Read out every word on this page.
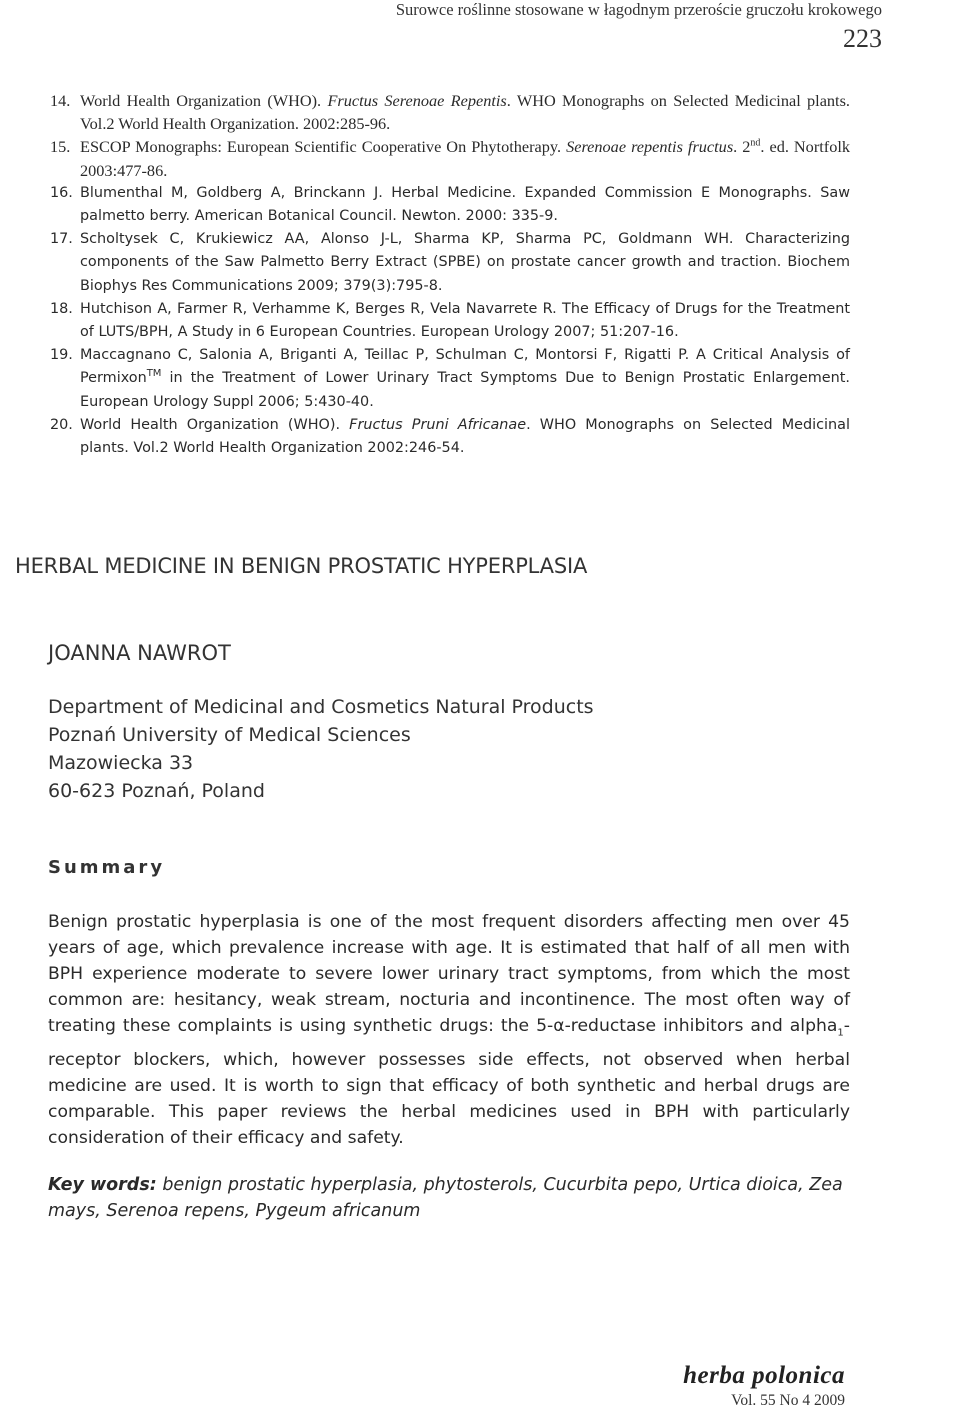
Surowce roślinne stosowane w łagodnym przeroście gruczołu krokowego
223
14. World Health Organization (WHO). Fructus Serenoae Repentis. WHO Monographs on Selected Medicinal plants. Vol.2 World Health Organization. 2002:285-96.
15. ESCOP Monographs: European Scientific Cooperative On Phytotherapy. Serenoae repentis fructus. 2nd. ed. Nortfolk 2003:477-86.
16. Blumenthal M, Goldberg A, Brinckann J. Herbal Medicine. Expanded Commission E Monographs. Saw palmetto berry. American Botanical Council. Newton. 2000: 335-9.
17. Scholtysek C, Krukiewicz AA, Alonso J-L, Sharma KP, Sharma PC, Goldmann WH. Characterizing components of the Saw Palmetto Berry Extract (SPBE) on prostate cancer growth and traction. Biochem Biophys Res Communications 2009; 379(3):795-8.
18. Hutchison A, Farmer R, Verhamme K, Berges R, Vela Navarrete R. The Efficacy of Drugs for the Treatment of LUTS/BPH, A Study in 6 European Countries. European Urology 2007; 51:207-16.
19. Maccagnano C, Salonia A, Briganti A, Teillac P, Schulman C, Montorsi F, Rigatti P. A Critical Analysis of Permixon™ in the Treatment of Lower Urinary Tract Symptoms Due to Benign Prostatic Enlargement. European Urology Suppl 2006; 5:430-40.
20. World Health Organization (WHO). Fructus Pruni Africanae. WHO Monographs on Selected Medicinal plants. Vol.2 World Health Organization 2002:246-54.
HERBAL MEDICINE IN BENIGN PROSTATIC HYPERPLASIA
JOANNA NAWROT
Department of Medicinal and Cosmetics Natural Products
Poznań University of Medical Sciences
Mazowiecka 33
60-623 Poznań, Poland
Summary

Benign prostatic hyperplasia is one of the most frequent disorders affecting men over 45 years of age, which prevalence increase with age. It is estimated that half of all men with BPH experience moderate to severe lower urinary tract symptoms, from which the most common are: hesitancy, weak stream, nocturia and incontinence. The most often way of treating these complaints is using synthetic drugs: the 5-α-reductase inhibitors and alpha$_1$-receptor blockers, which, however possesses side effects, not observed when herbal medicine are used. It is worth to sign that efficacy of both synthetic and herbal drugs are comparable. This paper reviews the herbal medicines used in BPH with particularly consideration of their efficacy and safety.

Key words: benign prostatic hyperplasia, phytosterols, Cucurbita pepo, Urtica dioica, Zea mays, Serenoa repens, Pygeum africanum
herba polonica
Vol. 55 No 4 2009
